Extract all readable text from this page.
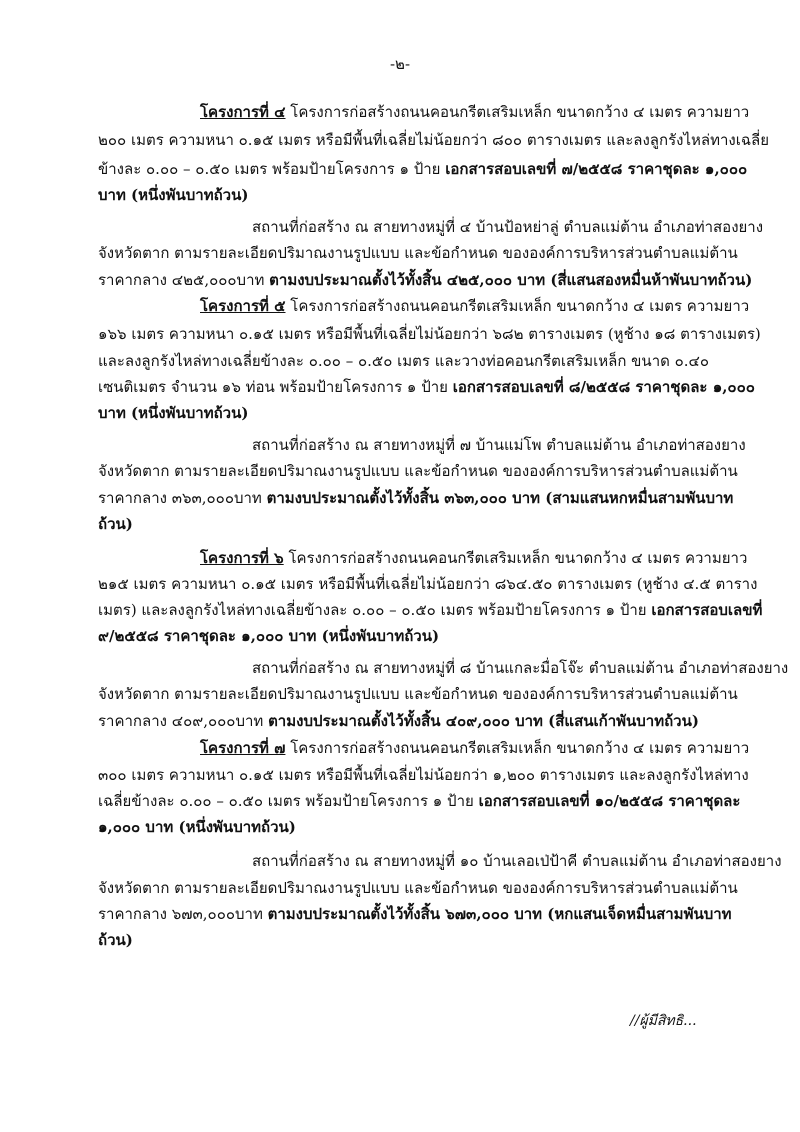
-๒-
โครงการที่ ๔ โครงการก่อสร้างถนนคอนกรีตเสริมเหล็ก ขนาดกว้าง ๔ เมตร ความยาว
๒๐๐ เมตร ความหนา ๐.๑๕ เมตร หรือมีพื้นที่เฉลี่ยไม่น้อยกว่า ๘๐๐ ตารางเมตร และลงลูกรังไหล่ทางเฉลี่ย
ข้างละ ๐.๐๐ – ๐.๕๐ เมตร พร้อมป้ายโครงการ ๑ ป้าย เอกสารสอบเลขที่ ๗/๒๕๕๘ ราคาชุดละ ๑,๐๐๐
บาท (หนึ่งพันบาทถ้วน)
สถานที่ก่อสร้าง ณ สายทางหมู่ที่ ๔ บ้านป้อหย่าลู่ ตำบลแม่ต้าน อำเภอท่าสองยาง
จังหวัดตาก ตามรายละเอียดปริมาณงานรูปแบบ และข้อกำหนด ขององค์การบริหารส่วนตำบลแม่ต้าน
ราคากลาง ๔๒๕,๐๐๐บาท ตามงบประมาณตั้งไว้ทั้งสิ้น ๔๒๕,๐๐๐ บาท (สี่แสนสองหมื่นห้าพันบาทถ้วน)
โครงการที่ ๕ โครงการก่อสร้างถนนคอนกรีตเสริมเหล็ก ขนาดกว้าง ๔ เมตร ความยาว
๑๖๖ เมตร ความหนา ๐.๑๕ เมตร หรือมีพื้นที่เฉลี่ยไม่น้อยกว่า ๖๘๒ ตารางเมตร (หูช้าง ๑๘ ตารางเมตร)
และลงลูกรังไหล่ทางเฉลี่ยข้างละ ๐.๐๐ – ๐.๕๐ เมตร และวางท่อคอนกรีตเสริมเหล็ก ขนาด ๐.๔๐
เซนติเมตร จำนวน ๑๖ ท่อน พร้อมป้ายโครงการ ๑ ป้าย เอกสารสอบเลขที่ ๘/๒๕๕๘ ราคาชุดละ ๑,๐๐๐
บาท (หนึ่งพันบาทถ้วน)
สถานที่ก่อสร้าง ณ สายทางหมู่ที่ ๗ บ้านแม่โพ ตำบลแม่ต้าน อำเภอท่าสองยาง
จังหวัดตาก ตามรายละเอียดปริมาณงานรูปแบบ และข้อกำหนด ขององค์การบริหารส่วนตำบลแม่ต้าน
ราคากลาง ๓๖๓,๐๐๐บาท ตามงบประมาณตั้งไว้ทั้งสิ้น ๓๖๓,๐๐๐ บาท (สามแสนหกหมื่นสามพันบาท
ถ้วน)
โครงการที่ ๖ โครงการก่อสร้างถนนคอนกรีตเสริมเหล็ก ขนาดกว้าง ๔ เมตร ความยาว
๒๑๕ เมตร ความหนา ๐.๑๕ เมตร หรือมีพื้นที่เฉลี่ยไม่น้อยกว่า ๘๖๔.๕๐ ตารางเมตร (หูช้าง ๔.๕ ตาราง
เมตร) และลงลูกรังไหล่ทางเฉลี่ยข้างละ ๐.๐๐ – ๐.๕๐ เมตร พร้อมป้ายโครงการ ๑ ป้าย เอกสารสอบเลขที่
๙/๒๕๕๘ ราคาชุดละ ๑,๐๐๐ บาท (หนึ่งพันบาทถ้วน)
สถานที่ก่อสร้าง ณ สายทางหมู่ที่ ๘ บ้านแกละมื่อโจ๊ะ ตำบลแม่ต้าน อำเภอท่าสองยาง
จังหวัดตาก ตามรายละเอียดปริมาณงานรูปแบบ และข้อกำหนด ขององค์การบริหารส่วนตำบลแม่ต้าน
ราคากลาง ๔๐๙,๐๐๐บาท ตามงบประมาณตั้งไว้ทั้งสิ้น ๔๐๙,๐๐๐ บาท (สี่แสนเก้าพันบาทถ้วน)
โครงการที่ ๗ โครงการก่อสร้างถนนคอนกรีตเสริมเหล็ก ขนาดกว้าง ๔ เมตร ความยาว
๓๐๐ เมตร ความหนา ๐.๑๕ เมตร หรือมีพื้นที่เฉลี่ยไม่น้อยกว่า ๑,๒๐๐ ตารางเมตร และลงลูกรังไหล่ทาง
เฉลี่ยข้างละ ๐.๐๐ – ๐.๕๐ เมตร พร้อมป้ายโครงการ ๑ ป้าย เอกสารสอบเลขที่ ๑๐/๒๕๕๘ ราคาชุดละ
๑,๐๐๐ บาท (หนึ่งพันบาทถ้วน)
สถานที่ก่อสร้าง ณ สายทางหมู่ที่ ๑๐ บ้านเลอเป่ป้าคี ตำบลแม่ต้าน อำเภอท่าสองยาง
จังหวัดตาก ตามรายละเอียดปริมาณงานรูปแบบ และข้อกำหนด ขององค์การบริหารส่วนตำบลแม่ต้าน
ราคากลาง ๖๗๓,๐๐๐บาท ตามงบประมาณตั้งไว้ทั้งสิ้น ๖๗๓,๐๐๐ บาท (หกแสนเจ็ดหมื่นสามพันบาท
ถ้วน)
//ผู้มีสิทธิ...
